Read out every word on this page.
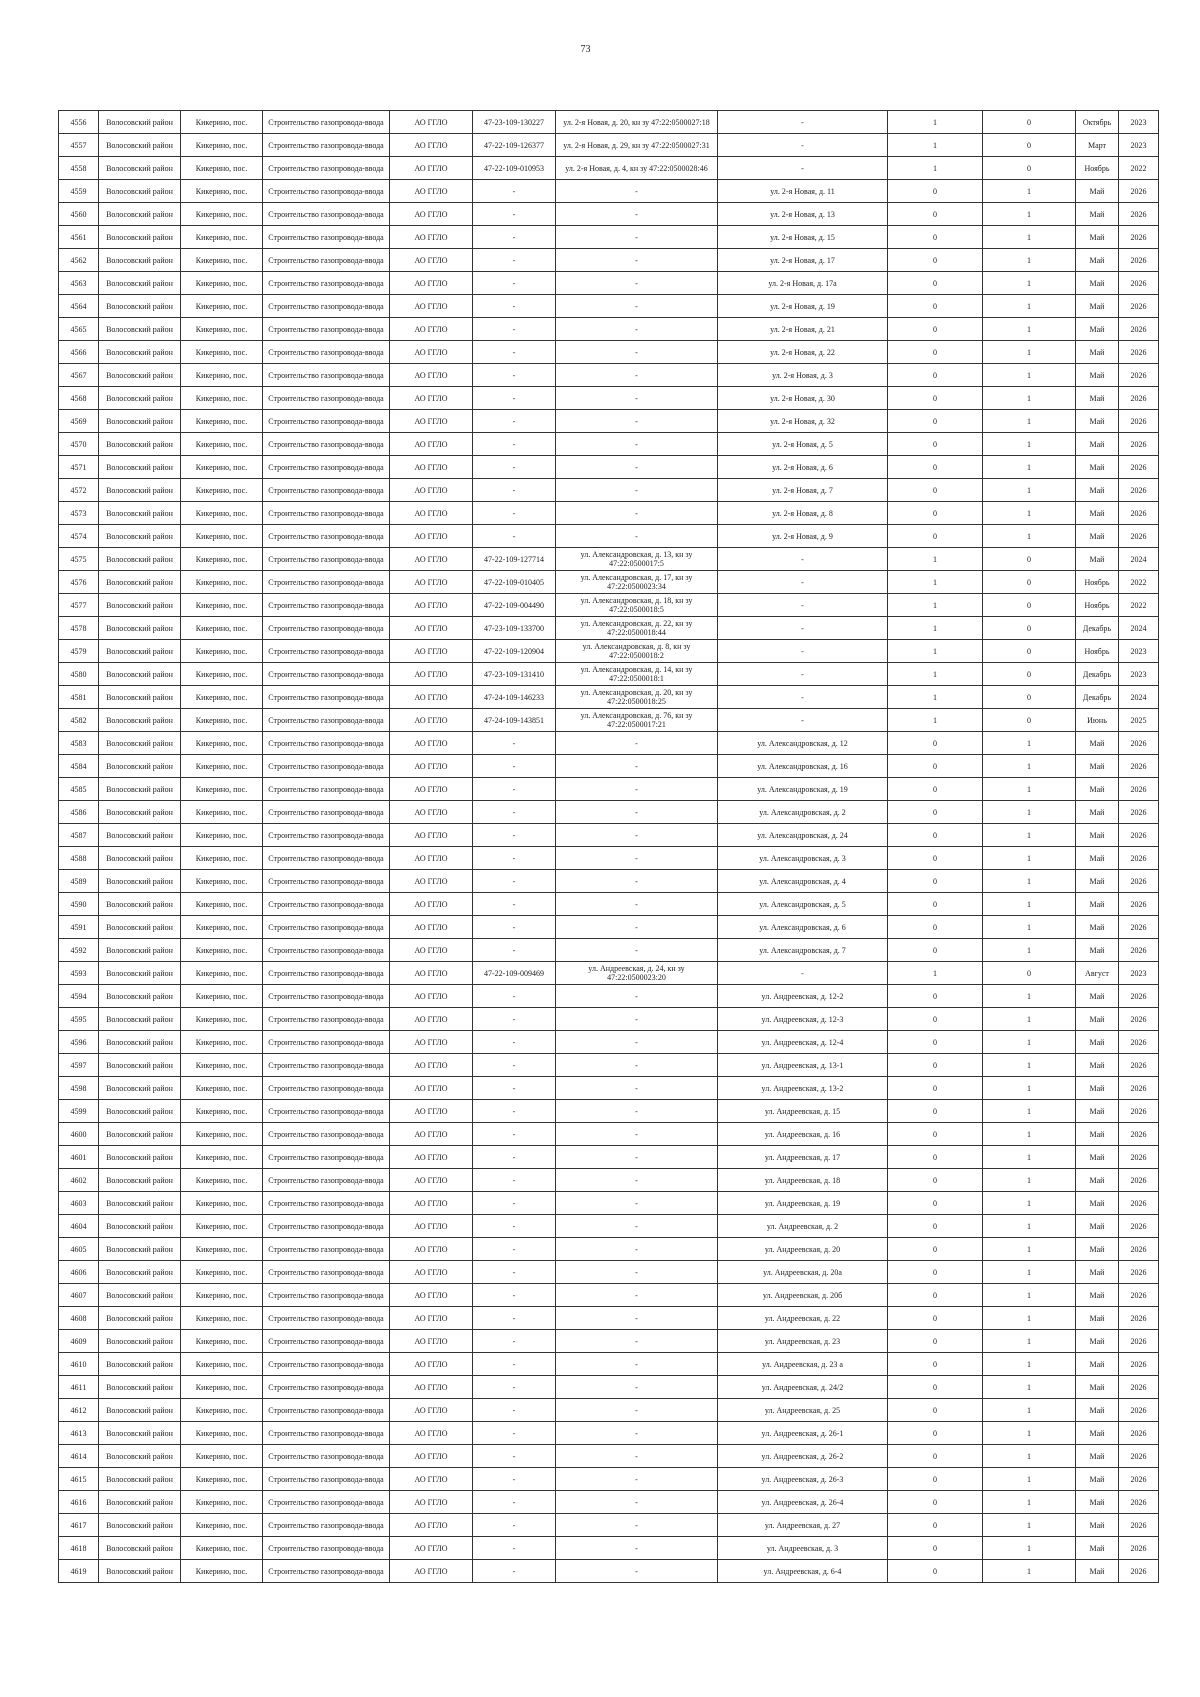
73
4556	Волосовский район	Кикерино, пос.	Строительство газопровода-ввода	АО ГГЛО	47-23-109-130227	ул. 2-я Новая, д. 20, кн зу 47:22:0500027:18	-	1	0	Октябрь	2023
4557	Волосовский район	Кикерино, пос.	Строительство газопровода-ввода	АО ГГЛО	47-22-109-126377	ул. 2-я Новая, д. 29, кн зу 47:22:0500027:31	-	1	0	Март	2023
4558	Волосовский район	Кикерино, пос.	Строительство газопровода-ввода	АО ГГЛО	47-22-109-010953	ул. 2-я Новая, д. 4, кн зу 47:22:0500028:46	-	1	0	Ноябрь	2022
4559	Волосовский район	Кикерино, пос.	Строительство газопровода-ввода	АО ГГЛО	-	-	ул. 2-я Новая, д. 11	0	1	Май	2026
4560	Волосовский район	Кикерино, пос.	Строительство газопровода-ввода	АО ГГЛО	-	-	ул. 2-я Новая, д. 13	0	1	Май	2026
4561	Волосовский район	Кикерино, пос.	Строительство газопровода-ввода	АО ГГЛО	-	-	ул. 2-я Новая, д. 15	0	1	Май	2026
4562	Волосовский район	Кикерино, пос.	Строительство газопровода-ввода	АО ГГЛО	-	-	ул. 2-я Новая, д. 17	0	1	Май	2026
4563	Волосовский район	Кикерино, пос.	Строительство газопровода-ввода	АО ГГЛО	-	-	ул. 2-я Новая, д. 17а	0	1	Май	2026
4564	Волосовский район	Кикерино, пос.	Строительство газопровода-ввода	АО ГГЛО	-	-	ул. 2-я Новая, д. 19	0	1	Май	2026
4565	Волосовский район	Кикерино, пос.	Строительство газопровода-ввода	АО ГГЛО	-	-	ул. 2-я Новая, д. 21	0	1	Май	2026
4566	Волосовский район	Кикерино, пос.	Строительство газопровода-ввода	АО ГГЛО	-	-	ул. 2-я Новая, д. 22	0	1	Май	2026
4567	Волосовский район	Кикерино, пос.	Строительство газопровода-ввода	АО ГГЛО	-	-	ул. 2-я Новая, д. 3	0	1	Май	2026
4568	Волосовский район	Кикерино, пос.	Строительство газопровода-ввода	АО ГГЛО	-	-	ул. 2-я Новая, д. 30	0	1	Май	2026
4569	Волосовский район	Кикерино, пос.	Строительство газопровода-ввода	АО ГГЛО	-	-	ул. 2-я Новая, д. 32	0	1	Май	2026
4570	Волосовский район	Кикерино, пос.	Строительство газопровода-ввода	АО ГГЛО	-	-	ул. 2-я Новая, д. 5	0	1	Май	2026
4571	Волосовский район	Кикерино, пос.	Строительство газопровода-ввода	АО ГГЛО	-	-	ул. 2-я Новая, д. 6	0	1	Май	2026
4572	Волосовский район	Кикерино, пос.	Строительство газопровода-ввода	АО ГГЛО	-	-	ул. 2-я Новая, д. 7	0	1	Май	2026
4573	Волосовский район	Кикерино, пос.	Строительство газопровода-ввода	АО ГГЛО	-	-	ул. 2-я Новая, д. 8	0	1	Май	2026
4574	Волосовский район	Кикерино, пос.	Строительство газопровода-ввода	АО ГГЛО	-	-	ул. 2-я Новая, д. 9	0	1	Май	2026
4575	Волосовский район	Кикерино, пос.	Строительство газопровода-ввода	АО ГГЛО	47-22-109-127714	ул. Александровская, д. 13, кн зу 47:22:0500017:5	-	1	0	Май	2024
4576	Волосовский район	Кикерино, пос.	Строительство газопровода-ввода	АО ГГЛО	47-22-109-010405	ул. Александровская, д. 17, кн зу 47:22:0500023:34	-	1	0	Ноябрь	2022
4577	Волосовский район	Кикерино, пос.	Строительство газопровода-ввода	АО ГГЛО	47-22-109-004490	ул. Александровская, д. 18, кн зу 47:22:0500018:5	-	1	0	Ноябрь	2022
4578	Волосовский район	Кикерино, пос.	Строительство газопровода-ввода	АО ГГЛО	47-23-109-133700	ул. Александровская, д. 22, кн зу 47:22:0500018:44	-	1	0	Декабрь	2024
4579	Волосовский район	Кикерино, пос.	Строительство газопровода-ввода	АО ГГЛО	47-22-109-120904	ул. Александровская, д. 8, кн зу 47:22:0500018:2	-	1	0	Ноябрь	2023
4580	Волосовский район	Кикерино, пос.	Строительство газопровода-ввода	АО ГГЛО	47-23-109-131410	ул. Александровская, д. 14, кн зу 47:22:0500018:1	-	1	0	Декабрь	2023
4581	Волосовский район	Кикерино, пос.	Строительство газопровода-ввода	АО ГГЛО	47-24-109-146233	ул. Александровская, д. 20, кн зу 47:22:0500018:25	-	1	0	Декабрь	2024
4582	Волосовский район	Кикерино, пос.	Строительство газопровода-ввода	АО ГГЛО	47-24-109-143851	ул. Александровская, д. 76, кн зу 47:22:0500017:21	-	1	0	Июнь	2025
4583	Волосовский район	Кикерино, пос.	Строительство газопровода-ввода	АО ГГЛО	-	-	ул. Александровская, д. 12	0	1	Май	2026
4584	Волосовский район	Кикерино, пос.	Строительство газопровода-ввода	АО ГГЛО	-	-	ул. Александровская, д. 16	0	1	Май	2026
4585	Волосовский район	Кикерино, пос.	Строительство газопровода-ввода	АО ГГЛО	-	-	ул. Александровская, д. 19	0	1	Май	2026
4586	Волосовский район	Кикерино, пос.	Строительство газопровода-ввода	АО ГГЛО	-	-	ул. Александровская, д. 2	0	1	Май	2026
4587	Волосовский район	Кикерино, пос.	Строительство газопровода-ввода	АО ГГЛО	-	-	ул. Александровская, д. 24	0	1	Май	2026
4588	Волосовский район	Кикерино, пос.	Строительство газопровода-ввода	АО ГГЛО	-	-	ул. Александровская, д. 3	0	1	Май	2026
4589	Волосовский район	Кикерино, пос.	Строительство газопровода-ввода	АО ГГЛО	-	-	ул. Александровская, д. 4	0	1	Май	2026
4590	Волосовский район	Кикерино, пос.	Строительство газопровода-ввода	АО ГГЛО	-	-	ул. Александровская, д. 5	0	1	Май	2026
4591	Волосовский район	Кикерино, пос.	Строительство газопровода-ввода	АО ГГЛО	-	-	ул. Александровская, д. 6	0	1	Май	2026
4592	Волосовский район	Кикерино, пос.	Строительство газопровода-ввода	АО ГГЛО	-	-	ул. Александровская, д. 7	0	1	Май	2026
4593	Волосовский район	Кикерино, пос.	Строительство газопровода-ввода	АО ГГЛО	47-22-109-009469	ул. Андреевская, д. 24, кн зу 47:22:0500023:20	-	1	0	Август	2023
4594	Волосовский район	Кикерино, пос.	Строительство газопровода-ввода	АО ГГЛО	-	-	ул. Андреевская, д. 12-2	0	1	Май	2026
4595	Волосовский район	Кикерино, пос.	Строительство газопровода-ввода	АО ГГЛО	-	-	ул. Андреевская, д. 12-3	0	1	Май	2026
4596	Волосовский район	Кикерино, пос.	Строительство газопровода-ввода	АО ГГЛО	-	-	ул. Андреевская, д. 12-4	0	1	Май	2026
4597	Волосовский район	Кикерино, пос.	Строительство газопровода-ввода	АО ГГЛО	-	-	ул. Андреевская, д. 13-1	0	1	Май	2026
4598	Волосовский район	Кикерино, пос.	Строительство газопровода-ввода	АО ГГЛО	-	-	ул. Андреевская, д. 13-2	0	1	Май	2026
4599	Волосовский район	Кикерино, пос.	Строительство газопровода-ввода	АО ГГЛО	-	-	ул. Андреевская, д. 15	0	1	Май	2026
4600	Волосовский район	Кикерино, пос.	Строительство газопровода-ввода	АО ГГЛО	-	-	ул. Андреевская, д. 16	0	1	Май	2026
4601	Волосовский район	Кикерино, пос.	Строительство газопровода-ввода	АО ГГЛО	-	-	ул. Андреевская, д. 17	0	1	Май	2026
4602	Волосовский район	Кикерино, пос.	Строительство газопровода-ввода	АО ГГЛО	-	-	ул. Андреевская, д. 18	0	1	Май	2026
4603	Волосовский район	Кикерино, пос.	Строительство газопровода-ввода	АО ГГЛО	-	-	ул. Андреевская, д. 19	0	1	Май	2026
4604	Волосовский район	Кикерино, пос.	Строительство газопровода-ввода	АО ГГЛО	-	-	ул. Андреевская, д. 2	0	1	Май	2026
4605	Волосовский район	Кикерино, пос.	Строительство газопровода-ввода	АО ГГЛО	-	-	ул. Андреевская, д. 20	0	1	Май	2026
4606	Волосовский район	Кикерино, пос.	Строительство газопровода-ввода	АО ГГЛО	-	-	ул. Андреевская, д. 20а	0	1	Май	2026
4607	Волосовский район	Кикерино, пос.	Строительство газопровода-ввода	АО ГГЛО	-	-	ул. Андреевская, д. 20б	0	1	Май	2026
4608	Волосовский район	Кикерино, пос.	Строительство газопровода-ввода	АО ГГЛО	-	-	ул. Андреевская, д. 22	0	1	Май	2026
4609	Волосовский район	Кикерино, пос.	Строительство газопровода-ввода	АО ГГЛО	-	-	ул. Андреевская, д. 23	0	1	Май	2026
4610	Волосовский район	Кикерино, пос.	Строительство газопровода-ввода	АО ГГЛО	-	-	ул. Андреевская, д. 23 а	0	1	Май	2026
4611	Волосовский район	Кикерино, пос.	Строительство газопровода-ввода	АО ГГЛО	-	-	ул. Андреевская, д. 24/2	0	1	Май	2026
4612	Волосовский район	Кикерино, пос.	Строительство газопровода-ввода	АО ГГЛО	-	-	ул. Андреевская, д. 25	0	1	Май	2026
4613	Волосовский район	Кикерино, пос.	Строительство газопровода-ввода	АО ГГЛО	-	-	ул. Андреевская, д. 26-1	0	1	Май	2026
4614	Волосовский район	Кикерино, пос.	Строительство газопровода-ввода	АО ГГЛО	-	-	ул. Андреевская, д. 26-2	0	1	Май	2026
4615	Волосовский район	Кикерино, пос.	Строительство газопровода-ввода	АО ГГЛО	-	-	ул. Андреевская, д. 26-3	0	1	Май	2026
4616	Волосовский район	Кикерино, пос.	Строительство газопровода-ввода	АО ГГЛО	-	-	ул. Андреевская, д. 26-4	0	1	Май	2026
4617	Волосовский район	Кикерино, пос.	Строительство газопровода-ввода	АО ГГЛО	-	-	ул. Андреевская, д. 27	0	1	Май	2026
4618	Волосовский район	Кикерино, пос.	Строительство газопровода-ввода	АО ГГЛО	-	-	ул. Андреевская, д. 3	0	1	Май	2026
4619	Волосовский район	Кикерино, пос.	Строительство газопровода-ввода	АО ГГЛО	-	-	ул. Андреевская, д. 6-4	0	1	Май	2026
